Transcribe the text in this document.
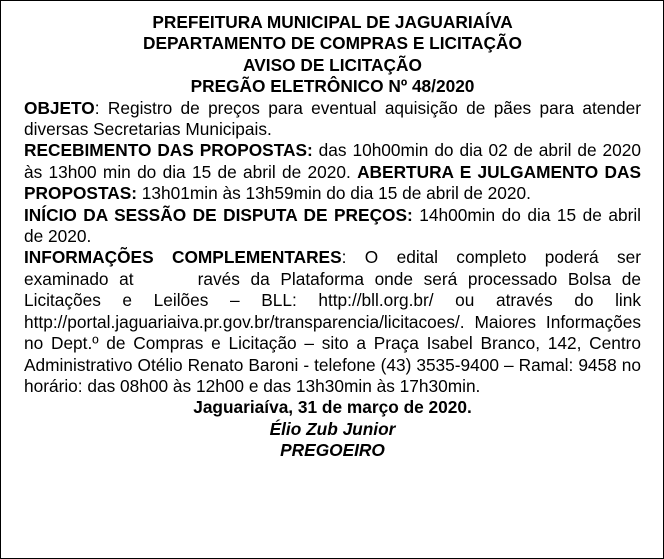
PREFEITURA MUNICIPAL DE JAGUARIAÍVA
DEPARTAMENTO DE COMPRAS E LICITAÇÃO
AVISO DE LICITAÇÃO
PREGÃO ELETRÔNICO Nº 48/2020

OBJETO: Registro de preços para eventual aquisição de pães para atender diversas Secretarias Municipais.

RECEBIMENTO DAS PROPOSTAS: das 10h00min do dia 02 de abril de 2020 às 13h00 min do dia 15 de abril de 2020. ABERTURA E JULGAMENTO DAS PROPOSTAS: 13h01min às 13h59min do dia 15 de abril de 2020.

INÍCIO DA SESSÃO DE DISPUTA DE PREÇOS: 14h00min do dia 15 de abril de 2020.

INFORMAÇÕES COMPLEMENTARES: O edital completo poderá ser examinado at	ravés da Plataforma onde será processado Bolsa de Licitações e Leilões – BLL: http://bll.org.br/ ou através do link http://portal.jaguariaiva.pr.gov.br/transparencia/licitacoes/. Maiores Informações no Dept.º de Compras e Licitação – sito a Praça Isabel Branco, 142, Centro Administrativo Otélio Renato Baroni - telefone (43) 3535-9400 – Ramal: 9458 no horário: das 08h00 às 12h00 e das 13h30min às 17h30min.

Jaguariaíva, 31 de março de 2020.
Élio Zub Junior
PREGOEIRO
